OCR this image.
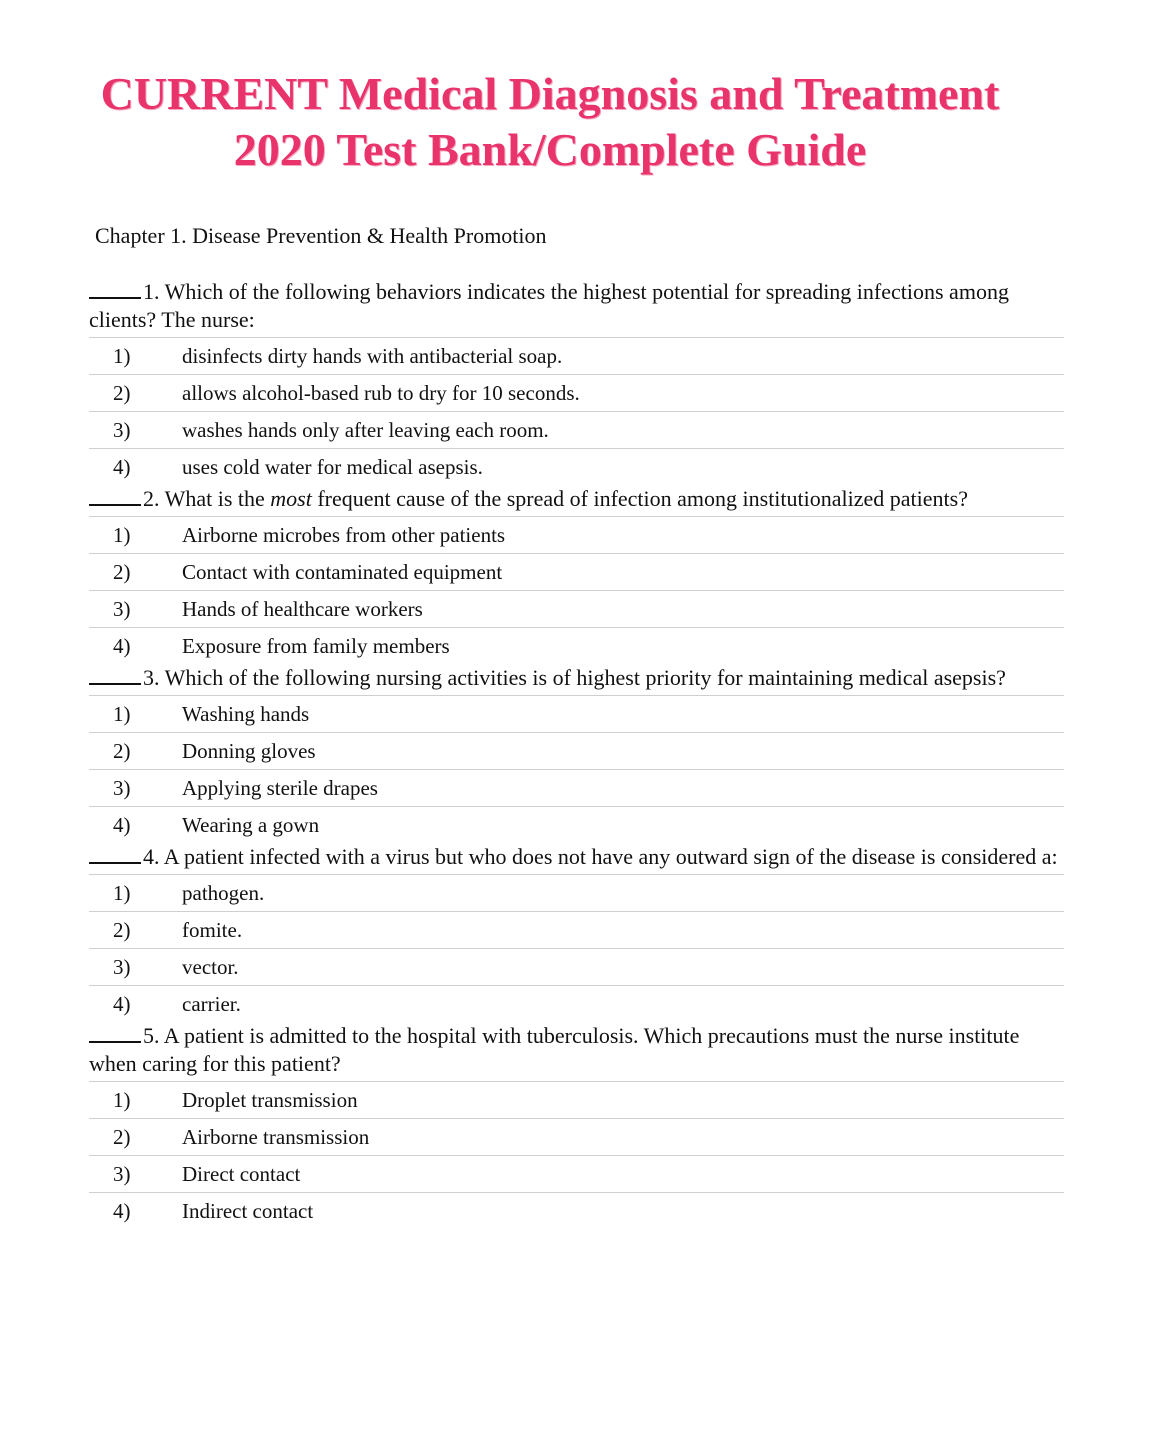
CURRENT Medical Diagnosis and Treatment
2020 Test Bank/Complete Guide
Chapter 1. Disease Prevention & Health Promotion
1. Which of the following behaviors indicates the highest potential for spreading infections among clients? The nurse:
1)	disinfects dirty hands with antibacterial soap.
2)	allows alcohol-based rub to dry for 10 seconds.
3)	washes hands only after leaving each room.
4)	uses cold water for medical asepsis.
2. What is the most frequent cause of the spread of infection among institutionalized patients?
1)	Airborne microbes from other patients
2)	Contact with contaminated equipment
3)	Hands of healthcare workers
4)	Exposure from family members
3. Which of the following nursing activities is of highest priority for maintaining medical asepsis?
1)	Washing hands
2)	Donning gloves
3)	Applying sterile drapes
4)	Wearing a gown
4. A patient infected with a virus but who does not have any outward sign of the disease is considered a:
1)	pathogen.
2)	fomite.
3)	vector.
4)	carrier.
5. A patient is admitted to the hospital with tuberculosis. Which precautions must the nurse institute when caring for this patient?
1)	Droplet transmission
2)	Airborne transmission
3)	Direct contact
4)	Indirect contact
